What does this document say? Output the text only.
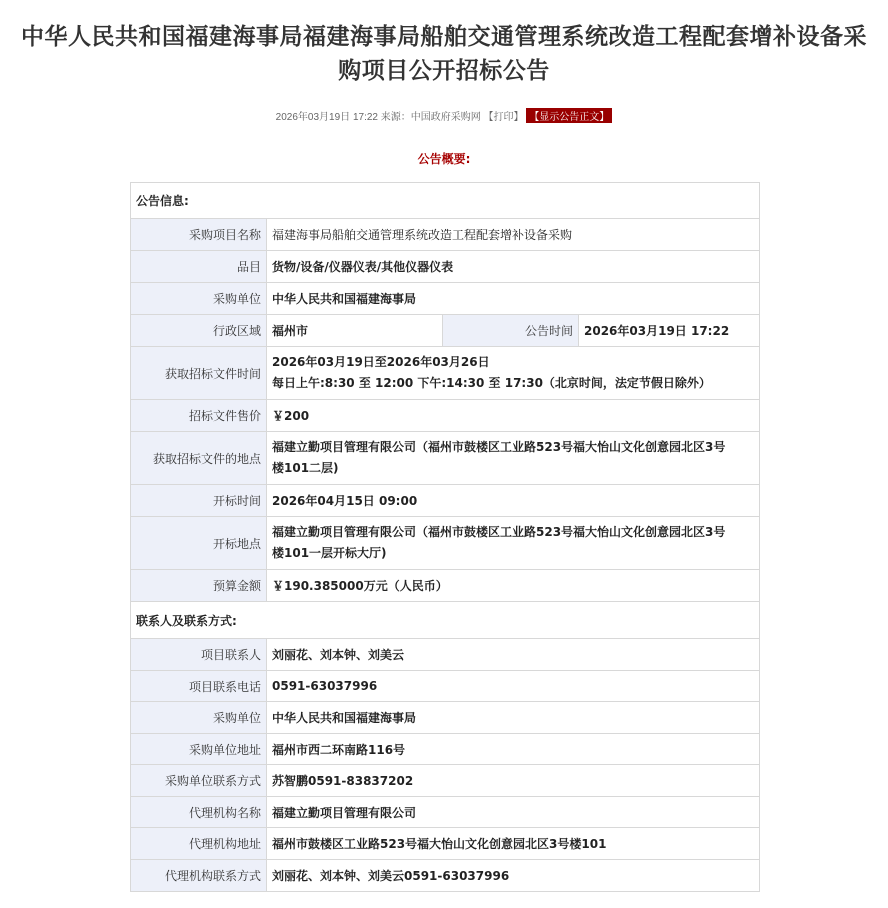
中华人民共和国福建海事局福建海事局船舶交通管理系统改造工程配套增补设备采
购项目公开招标公告
2026年03月19日 17:22 来源：中国政府采购网 【打印】 【显示公告正文】
公告概要:
公告信息:			
采购项目名称	福建海事局船舶交通管理系统改造工程配套增补设备采购		
品目	货物/设备/仪器仪表/其他仪器仪表		
采购单位	中华人民共和国福建海事局		
行政区域	福州市	公告时间	2026年03月19日 17:22
获取招标文件时间	2026年03月19日至2026年03月26日
每日上午:8:30 至 12:00 下午:14:30 至 17:30（北京时间，法定节假日除外）		

招标文件售价	￥200		
获取招标文件的地点	福建立勤项目管理有限公司（福州市鼓楼区工业路523号福大怡山文化创意园北区3号
楼101二层)		

开标时间	2026年04月15日 09:00		
开标地点	福建立勤项目管理有限公司（福州市鼓楼区工业路523号福大怡山文化创意园北区3号
楼101一层开标大厅)		

预算金额	￥190.385000万元（人民币）		
联系人及联系方式:			
项目联系人	刘丽花、刘本钟、刘美云		
项目联系电话	0591-63037996		
采购单位	中华人民共和国福建海事局		
采购单位地址	福州市西二环南路116号		
采购单位联系方式	苏智鹏0591-83837202		
代理机构名称	福建立勤项目管理有限公司		
代理机构地址	福州市鼓楼区工业路523号福大怡山文化创意园北区3号楼101		
代理机构联系方式	刘丽花、刘本钟、刘美云0591-63037996		
